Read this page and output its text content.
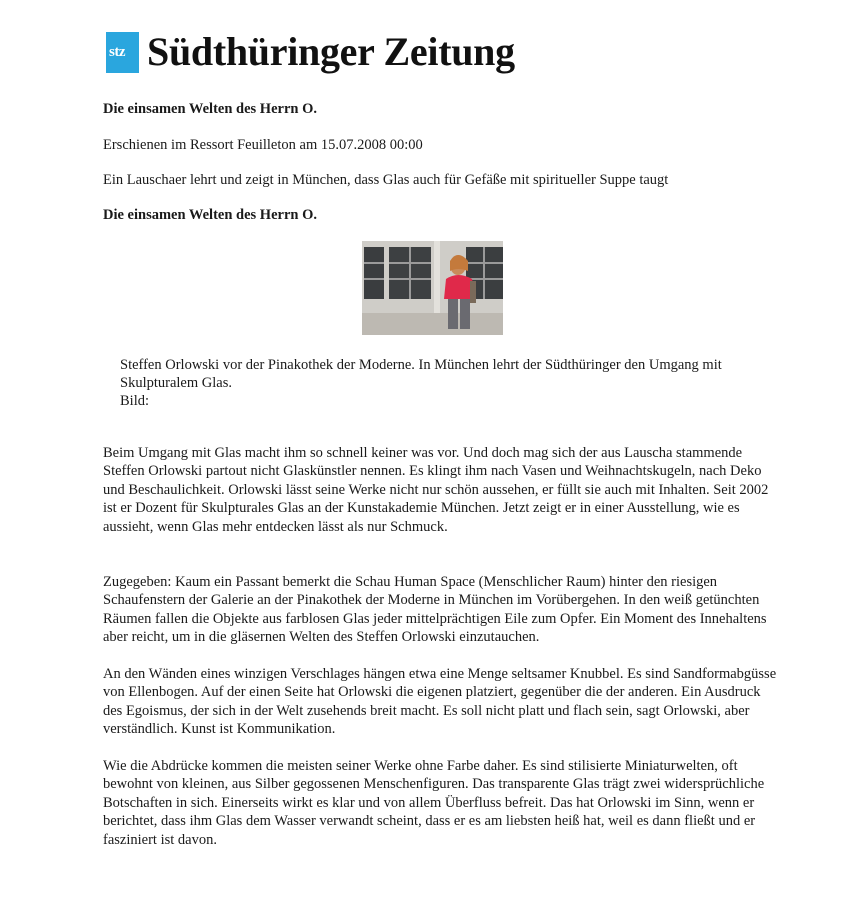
stz Südthüringer Zeitung
Die einsamen Welten des Herrn O.
Erschienen im Ressort Feuilleton am 15.07.2008 00:00
Ein Lauschaer lehrt und zeigt in München, dass Glas auch für Gefäße mit spiritueller Suppe taugt
Die einsamen Welten des Herrn O.
Steffen Orlowski vor der Pinakothek der Moderne. In München lehrt der Südthüringer den Umgang mit Skulpturalem Glas.
Bild:
Beim Umgang mit Glas macht ihm so schnell keiner was vor. Und doch mag sich der aus Lauscha stammende Steffen Orlowski partout nicht Glaskünstler nennen. Es klingt ihm nach Vasen und Weihnachtskugeln, nach Deko und Beschaulichkeit. Orlowski lässt seine Werke nicht nur schön aussehen, er füllt sie auch mit Inhalten. Seit 2002 ist er Dozent für Skulpturales Glas an der Kunstakademie München. Jetzt zeigt er in einer Ausstellung, wie es aussieht, wenn Glas mehr entdecken lässt als nur Schmuck.
Zugegeben: Kaum ein Passant bemerkt die Schau Human Space (Menschlicher Raum) hinter den riesigen Schaufenstern der Galerie an der Pinakothek der Moderne in München im Vorübergehen. In den weiß getünchten Räumen fallen die Objekte aus farblosen Glas jeder mittelprächtigen Eile zum Opfer. Ein Moment des Innehaltens aber reicht, um in die gläsernen Welten des Steffen Orlowski einzutauchen.
An den Wänden eines winzigen Verschlages hängen etwa eine Menge seltsamer Knubbel. Es sind Sandformabgüsse von Ellenbogen. Auf der einen Seite hat Orlowski die eigenen platziert, gegenüber die der anderen. Ein Ausdruck des Egoismus, der sich in der Welt zusehends breit macht. Es soll nicht platt und flach sein, sagt Orlowski, aber verständlich. Kunst ist Kommunikation.
Wie die Abdrücke kommen die meisten seiner Werke ohne Farbe daher. Es sind stilisierte Miniaturwelten, oft bewohnt von kleinen, aus Silber gegossenen Menschenfiguren. Das transparente Glas trägt zwei widersprüchliche Botschaften in sich. Einerseits wirkt es klar und von allem Überfluss befreit. Das hat Orlowski im Sinn, wenn er berichtet, dass ihm Glas dem Wasser verwandt scheint, dass er es am liebsten heiß hat, weil es dann fließt und er fasziniert ist davon.
